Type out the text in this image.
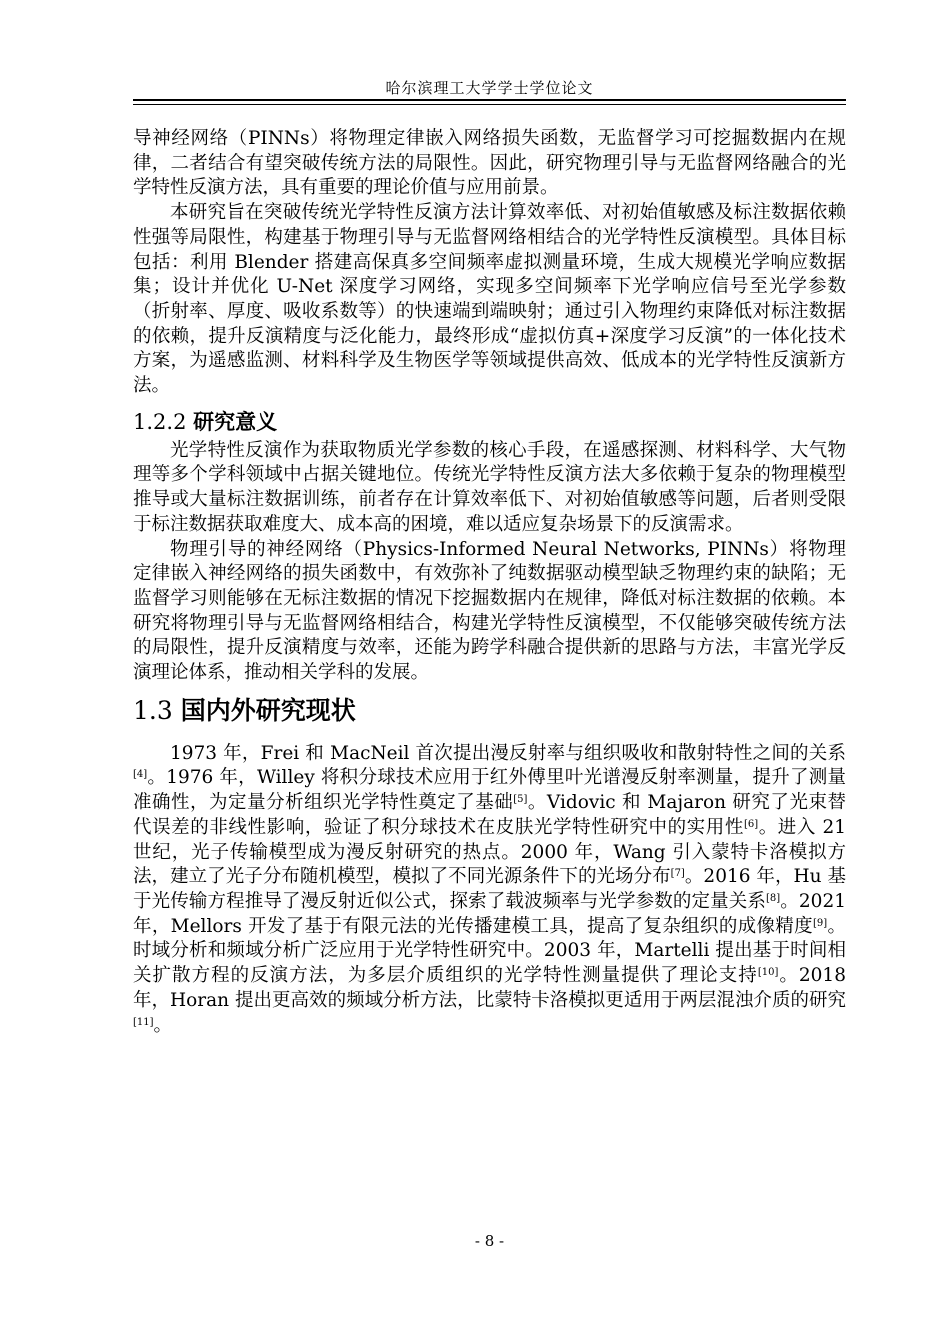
哈尔滨理工大学学士学位论文

导神经网络（PINNs）将物理定律嵌入网络损失函数，无监督学习可挖掘数据内在规律，二者结合有望突破传统方法的局限性。因此，研究物理引导与无监督网络融合的光学特性反演方法，具有重要的理论价值与应用前景。

本研究旨在突破传统光学特性反演方法计算效率低、对初始值敏感及标注数据依赖性强等局限性，构建基于物理引导与无监督网络相结合的光学特性反演模型。具体目标包括：利用 Blender 搭建高保真多空间频率虚拟测量环境，生成大规模光学响应数据集；设计并优化 U-Net 深度学习网络，实现多空间频率下光学响应信号至光学参数（折射率、厚度、吸收系数等）的快速端到端映射；通过引入物理约束降低对标注数据的依赖，提升反演精度与泛化能力，最终形成“虚拟仿真+深度学习反演”的一体化技术方案，为遥感监测、材料科学及生物医学等领域提供高效、低成本的光学特性反演新方法。

1.2.2 研究意义

光学特性反演作为获取物质光学参数的核心手段，在遥感探测、材料科学、大气物理等多个学科领域中占据关键地位。传统光学特性反演方法大多依赖于复杂的物理模型推导或大量标注数据训练，前者存在计算效率低下、对初始值敏感等问题，后者则受限于标注数据获取难度大、成本高的困境，难以适应复杂场景下的反演需求。

物理引导的神经网络（Physics-Informed Neural Networks, PINNs）将物理定律嵌入神经网络的损失函数中，有效弥补了纯数据驱动模型缺乏物理约束的缺陷；无监督学习则能够在无标注数据的情况下挖掘数据内在规律，降低对标注数据的依赖。本研究将物理引导与无监督网络相结合，构建光学特性反演模型，不仅能够突破传统方法的局限性，提升反演精度与效率，还能为跨学科融合提供新的思路与方法，丰富光学反演理论体系，推动相关学科的发展。

1.3 国内外研究现状

1973 年，Frei 和 MacNeil 首次提出漫反射率与组织吸收和散射特性之间的关系[4]。1976 年，Willey 将积分球技术应用于红外傅里叶光谱漫反射率测量，提升了测量准确性，为定量分析组织光学特性奠定了基础[5]。Vidovic 和 Majaron 研究了光束替代误差的非线性影响，验证了积分球技术在皮肤光学特性研究中的实用性[6]。进入 21 世纪，光子传输模型成为漫反射研究的热点。2000 年，Wang 引入蒙特卡洛模拟方法，建立了光子分布随机模型，模拟了不同光源条件下的光场分布[7]。2016 年，Hu 基于光传输方程推导了漫反射近似公式，探索了载波频率与光学参数的定量关系[8]。2021 年，Mellors 开发了基于有限元法的光传播建模工具，提高了复杂组织的成像精度[9]。时域分析和频域分析广泛应用于光学特性研究中。2003 年，Martelli 提出基于时间相关扩散方程的反演方法，为多层介质组织的光学特性测量提供了理论支持[10]。2018 年，Horan 提出更高效的频域分析方法，比蒙特卡洛模拟更适用于两层混浊介质的研究[11]。

- 8 -
